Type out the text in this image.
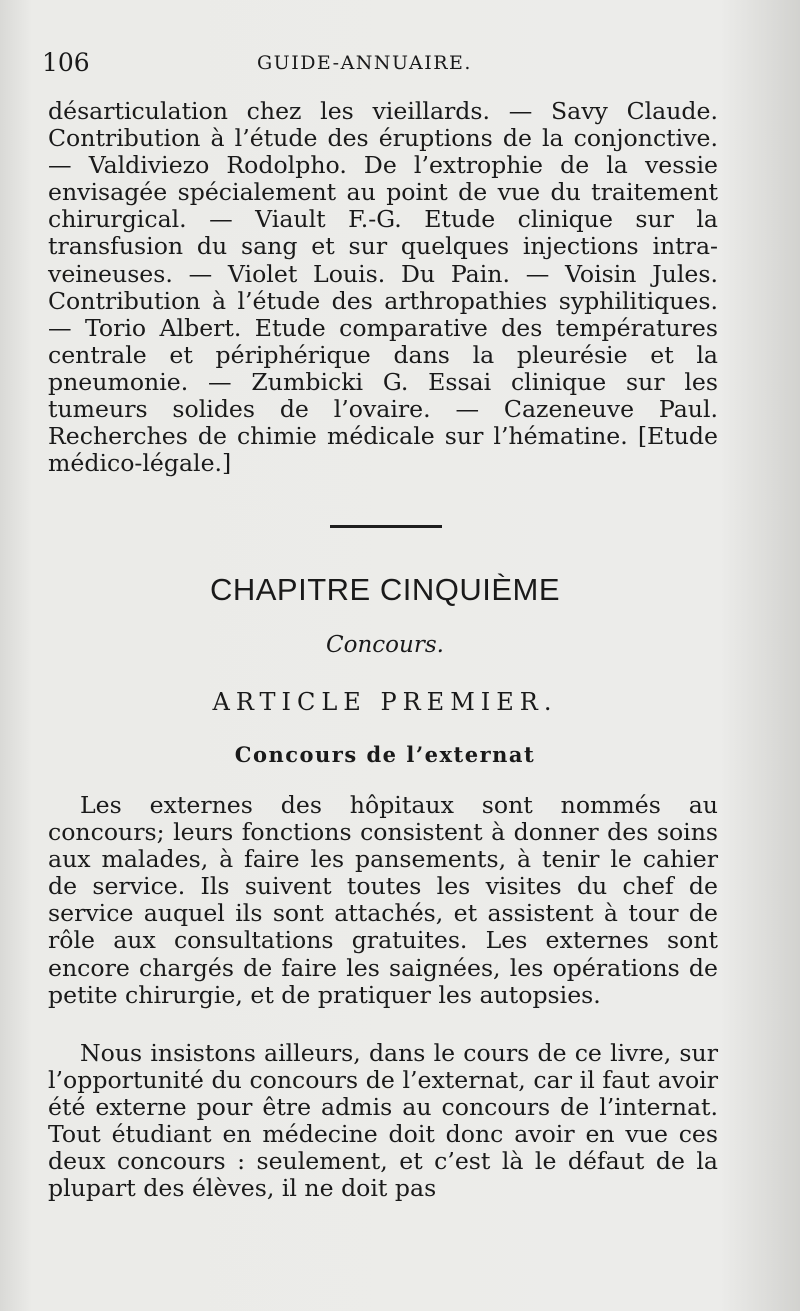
106	GUIDE-ANNUAIRE.

désarticulation chez les vieillards. — Savy Claude. Contribution à l’étude des éruptions de la conjonctive. — Valdiviezo Rodolpho. De l’extrophie de la vessie envisagée spécialement au point de vue du traitement chirurgical. — Viault F.-G. Etude clinique sur la transfusion du sang et sur quelques injections intra-veineuses. — Violet Louis. Du Pain. — Voisin Jules. Contribution à l’étude des arthropathies syphilitiques. — Torio Albert. Etude comparative des températures centrale et périphérique dans la pleurésie et la pneumonie. — Zumbicki G. Essai clinique sur les tumeurs solides de l’ovaire. — Cazeneuve Paul. Recherches de chimie médicale sur l’hématine. [Etude médico-légale.]

CHAPITRE CINQUIÈME
Concours.
ARTICLE PREMIER.
Concours de l’externat

Les externes des hôpitaux sont nommés au concours; leurs fonctions consistent à donner des soins aux malades, à faire les pansements, à tenir le cahier de service. Ils suivent toutes les visites du chef de service auquel ils sont attachés, et assistent à tour de rôle aux consultations gratuites. Les externes sont encore chargés de faire les saignées, les opérations de petite chirurgie, et de pratiquer les autopsies.

Nous insistons ailleurs, dans le cours de ce livre, sur l’opportunité du concours de l’externat, car il faut avoir été externe pour être admis au concours de l’internat. Tout étudiant en médecine doit donc avoir en vue ces deux concours : seulement, et c’est là le défaut de la plupart des élèves, il ne doit pas
